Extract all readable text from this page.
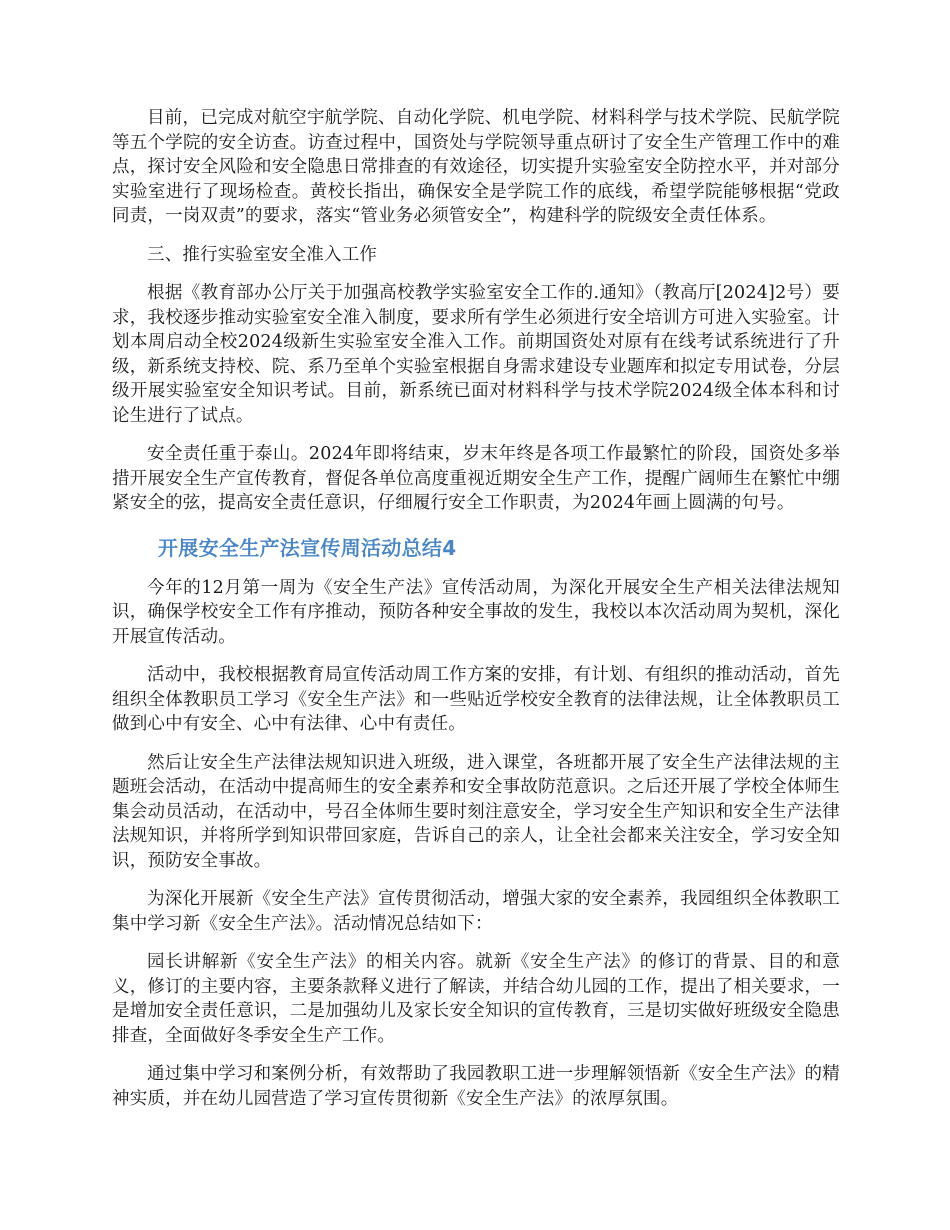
目前，已完成对航空宇航学院、自动化学院、机电学院、材料科学与技术学院、民航学院等五个学院的安全访查。访查过程中，国资处与学院领导重点研讨了安全生产管理工作中的难点，探讨安全风险和安全隐患日常排查的有效途径，切实提升实验室安全防控水平，并对部分实验室进行了现场检查。黄校长指出，确保安全是学院工作的底线，希望学院能够根据“党政同责，一岗双责”的要求，落实“管业务必须管安全”，构建科学的院级安全责任体系。

三、推行实验室安全准入工作

根据《教育部办公厅关于加强高校教学实验室安全工作的.通知》（教高厅[2024]2号）要求，我校逐步推动实验室安全准入制度，要求所有学生必须进行安全培训方可进入实验室。计划本周启动全校2024级新生实验室安全准入工作。前期国资处对原有在线考试系统进行了升级，新系统支持校、院、系乃至单个实验室根据自身需求建设专业题库和拟定专用试卷，分层级开展实验室安全知识考试。目前，新系统已面对材料科学与技术学院2024级全体本科和讨论生进行了试点。

安全责任重于泰山。2024年即将结束，岁末年终是各项工作最繁忙的阶段，国资处多举措开展安全生产宣传教育，督促各单位高度重视近期安全生产工作，提醒广阔师生在繁忙中绷紧安全的弦，提高安全责任意识，仔细履行安全工作职责，为2024年画上圆满的句号。

开展安全生产法宣传周活动总结4

今年的12月第一周为《安全生产法》宣传活动周，为深化开展安全生产相关法律法规知识，确保学校安全工作有序推动，预防各种安全事故的发生，我校以本次活动周为契机，深化开展宣传活动。

活动中，我校根据教育局宣传活动周工作方案的安排，有计划、有组织的推动活动，首先组织全体教职员工学习《安全生产法》和一些贴近学校安全教育的法律法规，让全体教职员工做到心中有安全、心中有法律、心中有责任。

然后让安全生产法律法规知识进入班级，进入课堂，各班都开展了安全生产法律法规的主题班会活动，在活动中提高师生的安全素养和安全事故防范意识。之后还开展了学校全体师生集会动员活动，在活动中，号召全体师生要时刻注意安全，学习安全生产知识和安全生产法律法规知识，并将所学到知识带回家庭，告诉自己的亲人，让全社会都来关注安全，学习安全知识，预防安全事故。

为深化开展新《安全生产法》宣传贯彻活动，增强大家的安全素养，我园组织全体教职工集中学习新《安全生产法》。活动情况总结如下：

园长讲解新《安全生产法》的相关内容。就新《安全生产法》的修订的背景、目的和意义，修订的主要内容，主要条款释义进行了解读，并结合幼儿园的工作，提出了相关要求，一是增加安全责任意识，二是加强幼儿及家长安全知识的宣传教育，三是切实做好班级安全隐患排查，全面做好冬季安全生产工作。

通过集中学习和案例分析，有效帮助了我园教职工进一步理解领悟新《安全生产法》的精神实质，并在幼儿园营造了学习宣传贯彻新《安全生产法》的浓厚氛围。
